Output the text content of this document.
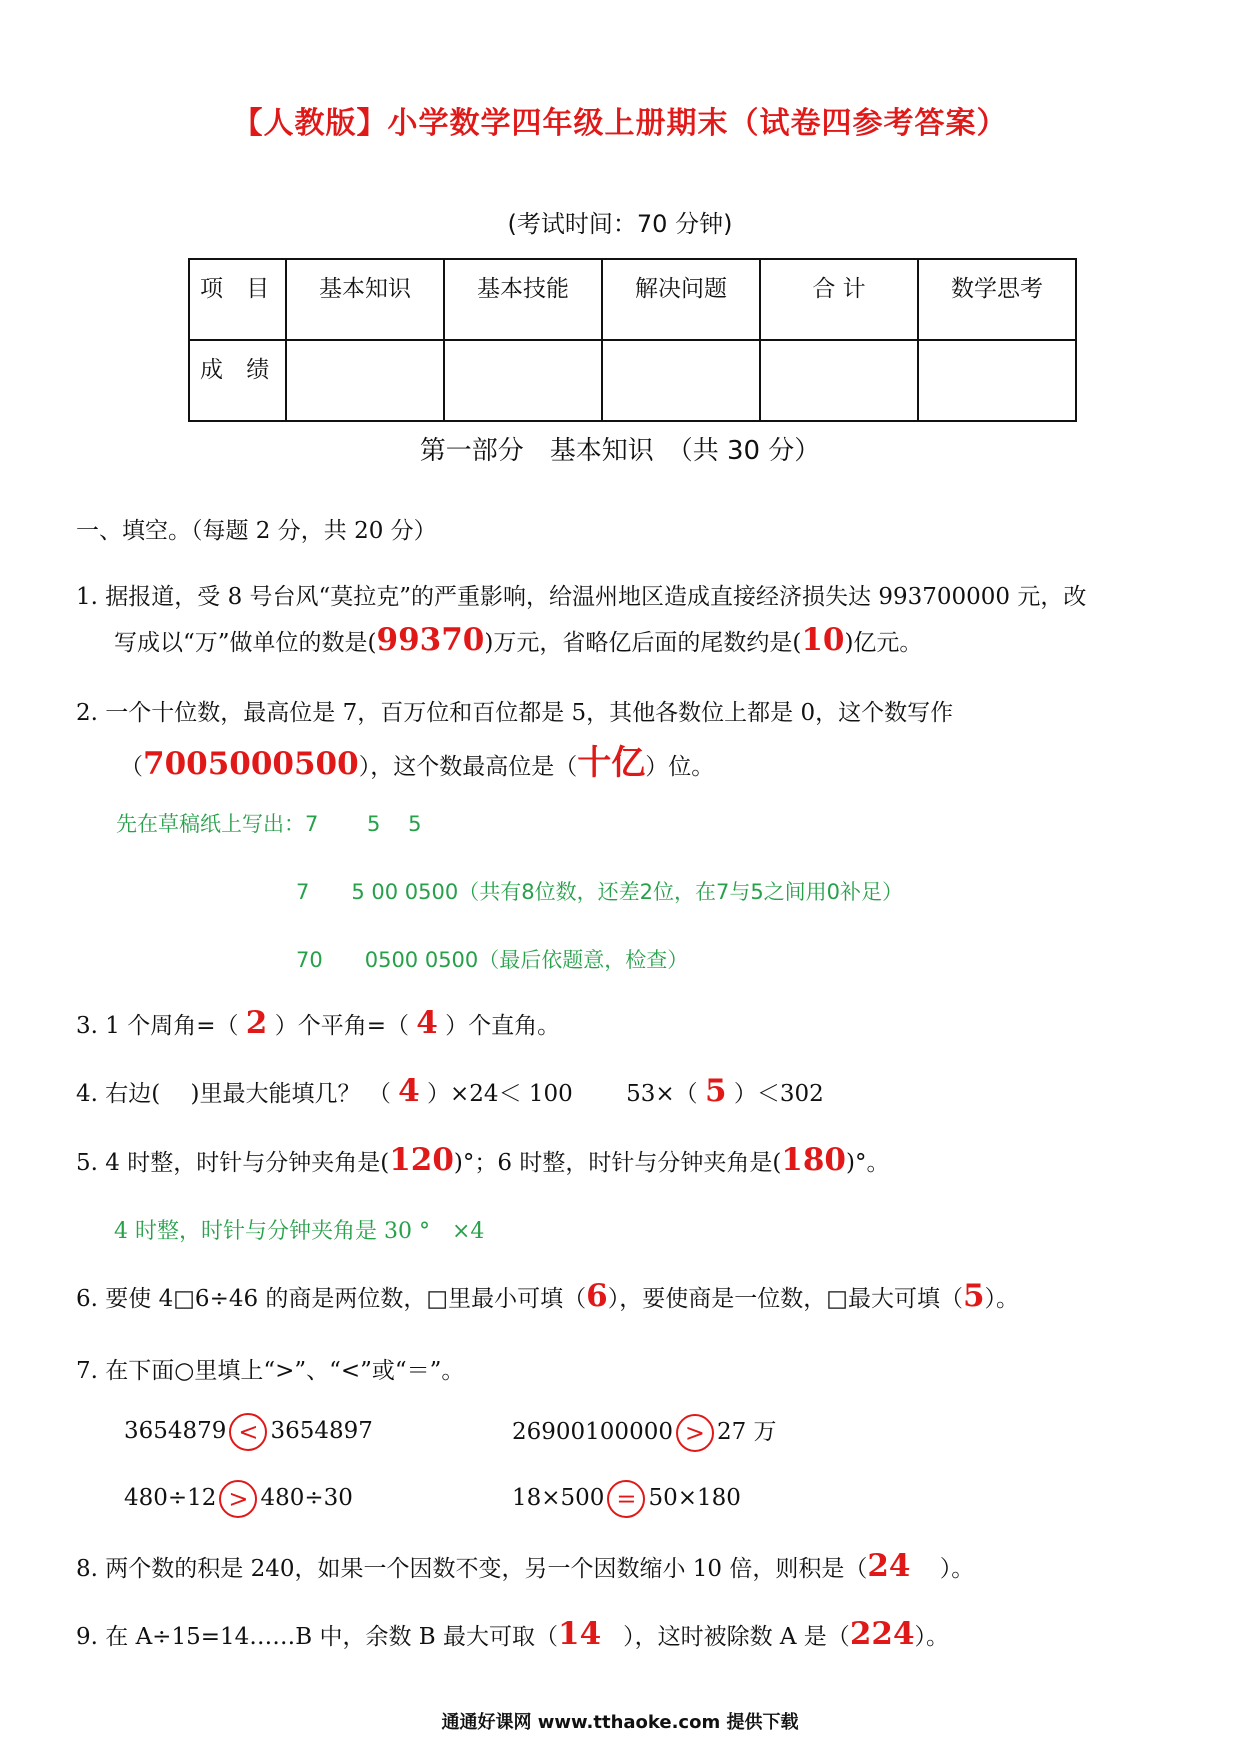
【人教版】小学数学四年级上册期末（试卷四参考答案）
(考试时间：70 分钟)
项 目	基本知识	基本技能	解决问题	合 计	数学思考
成 绩					
第一部分　基本知识　（共 30 分）
一、填空。（每题 2 分，共 20 分）
1. 据报道，受 8 号台风“莫拉克”的严重影响，给温州地区造成直接经济损失达 993700000 元，改
写成以“万”做单位的数是(99370)万元，省略亿后面的尾数约是(10)亿元。
2. 一个十位数，最高位是 7，百万位和百位都是 5，其他各数位上都是 0，这个数写作
（7005000500），这个数最高位是（十亿）位。
先在草稿纸上写出：7　　 5　 5
7　　5 00 0500（共有8位数，还差2位，在7与5之间用0补足）
70　　0500 0500（最后依题意，检查）
3. 1 个周角=（ 2 ）个平角=（ 4 ）个直角。
4. 右边(　 )里最大能填几？ （ 4 ）×24＜ 100　　 53×（ 5 ）＜302
5. 4 时整，时针与分钟夹角是(120)°；6 时整，时针与分钟夹角是(180)°。
4 时整，时针与分钟夹角是 30 °　×4
6. 要使 4□6÷46 的商是两位数，□里最小可填（6），要使商是一位数，□最大可填（5）。
7. 在下面○里填上“>”、“<”或“＝”。
3654879 < 3654897	26900100000 > 27 万
480÷12 > 480÷30	18×500 = 50×180
8. 两个数的积是 240，如果一个因数不变，另一个因数缩小 10 倍，则积是（24 ）。
9. 在 A÷15=14……B 中，余数 B 最大可取（14 ），这时被除数 A 是（224）。
通通好课网 www.tthaoke.com 提供下载
